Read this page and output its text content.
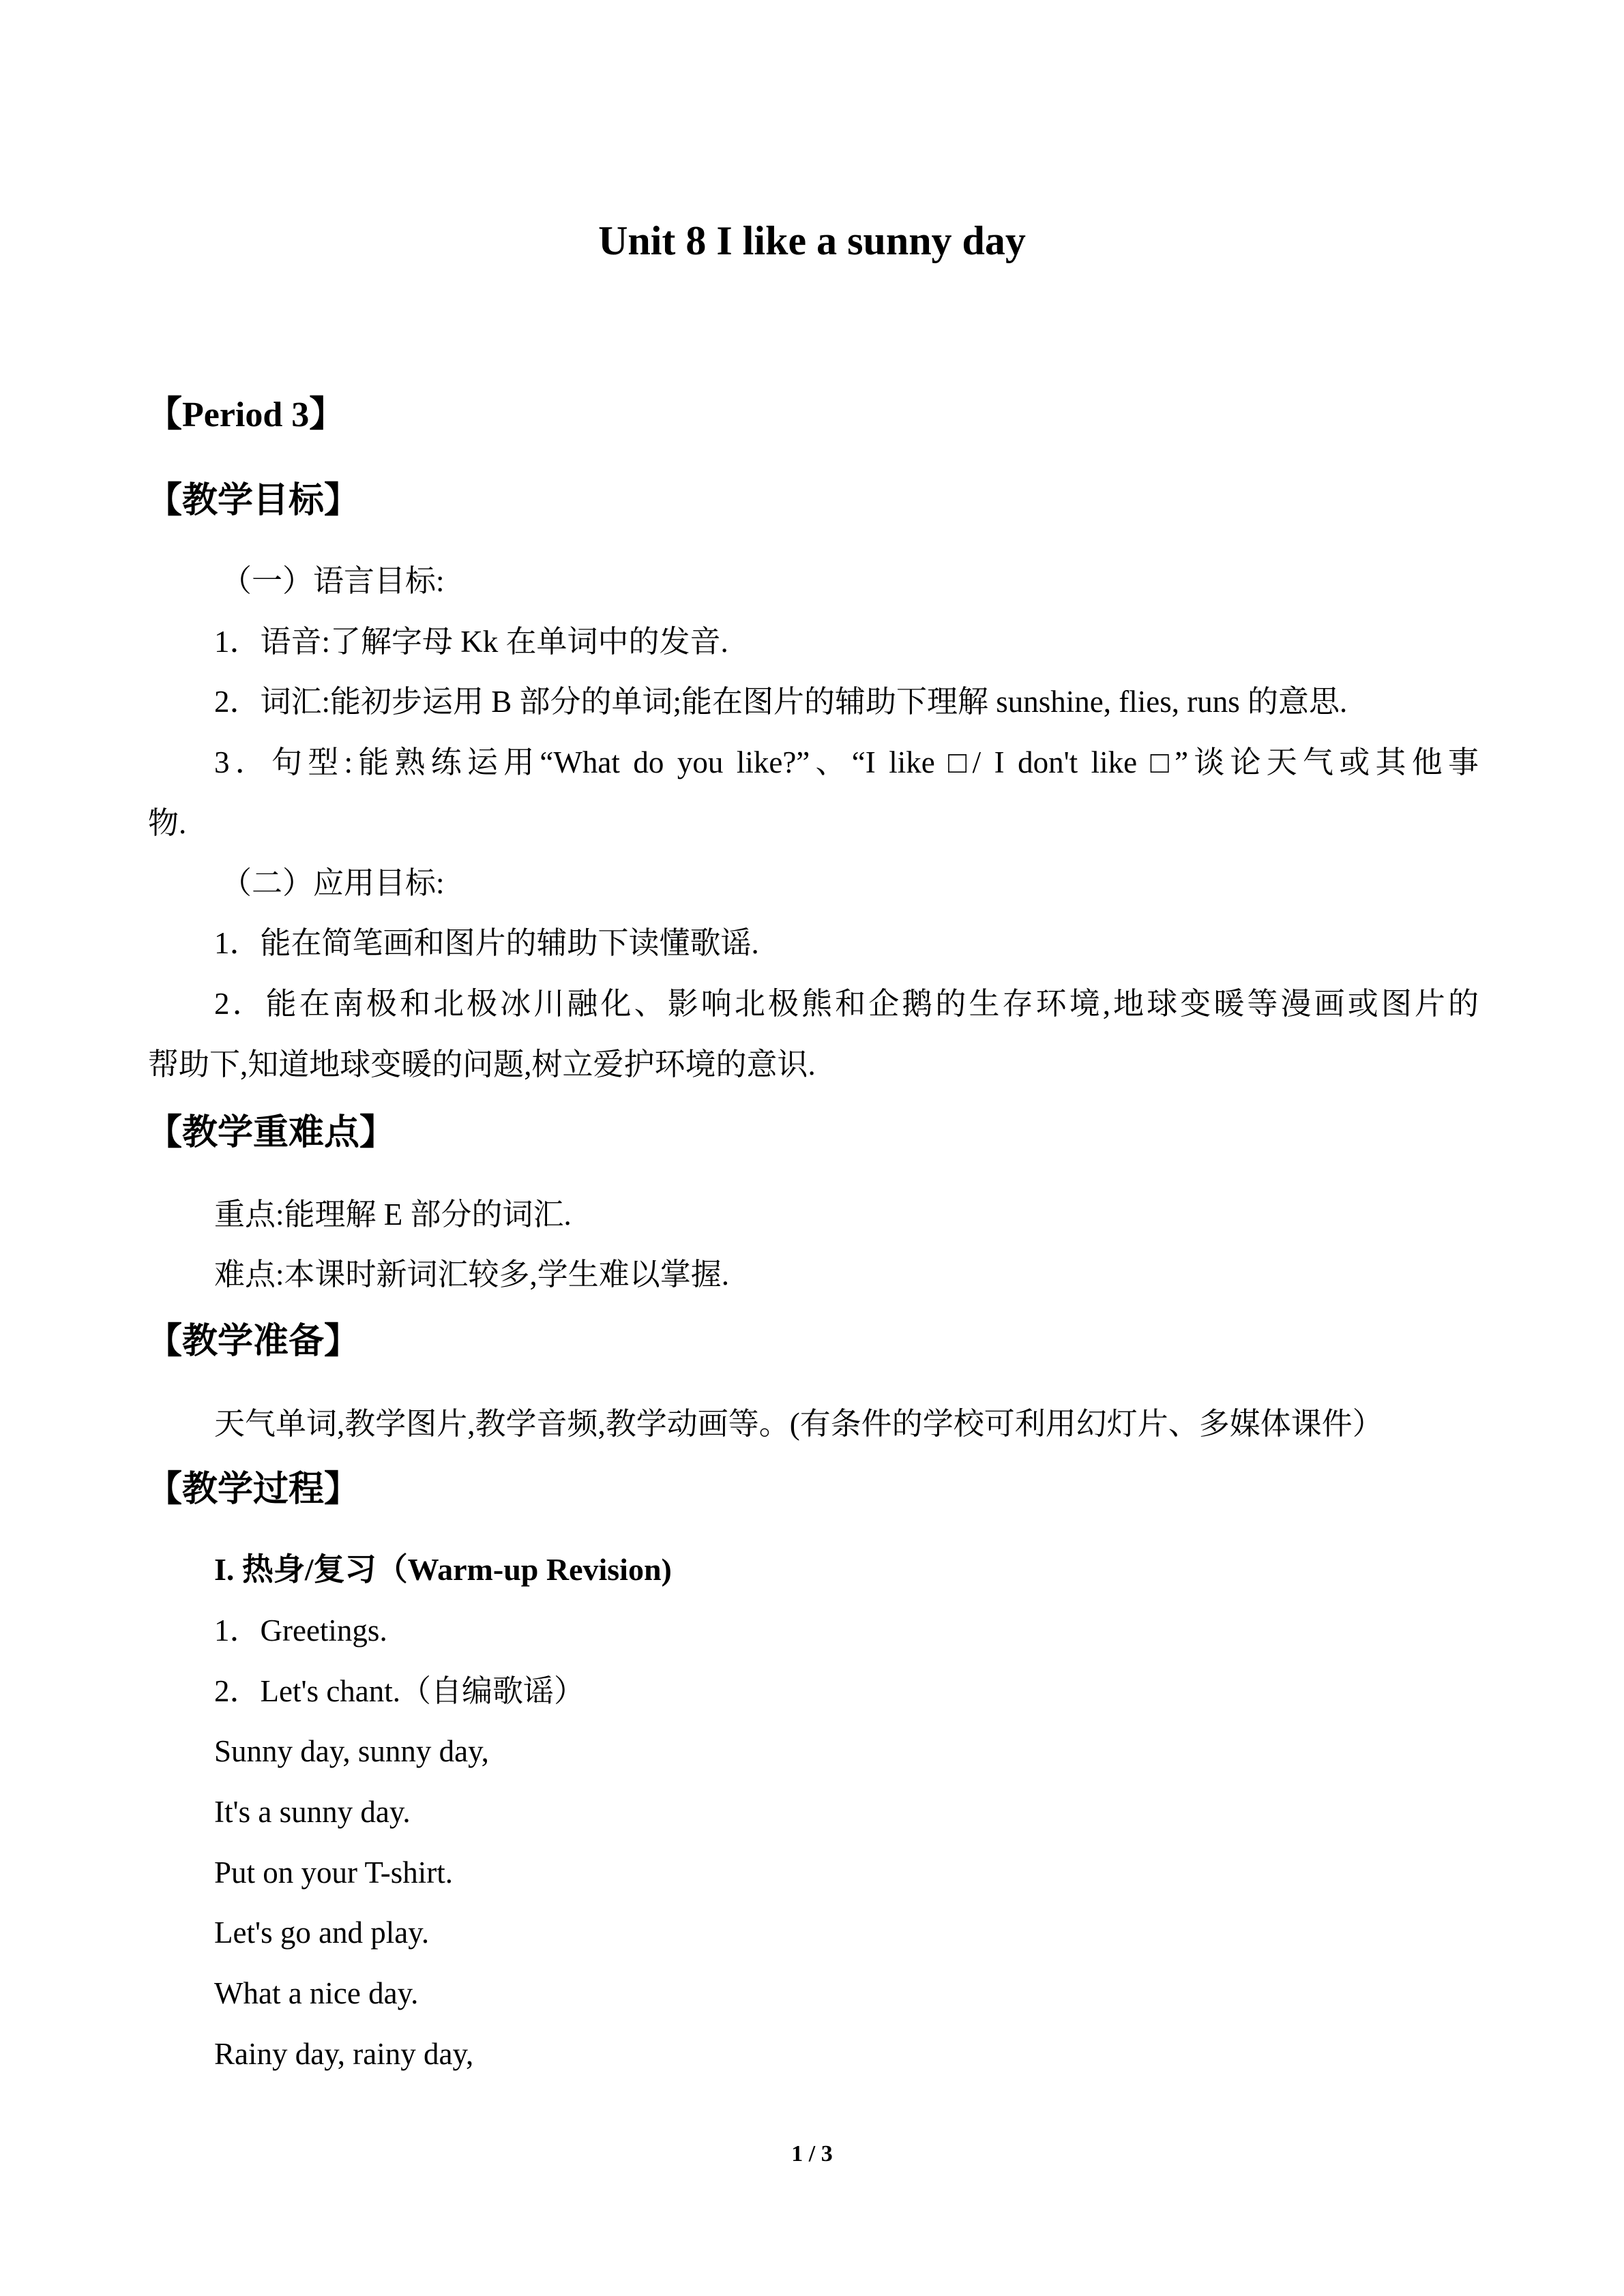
Unit 8 I like a sunny day
【Period 3】
【教学目标】
（一）语言目标:
1．语音:了解字母 Kk 在单词中的发音.
2．词汇:能初步运用 B 部分的单词;能在图片的辅助下理解 sunshine, flies, runs 的意思.
3．句型:能熟练运用“What do you like?”、“I like □/ I don't like □”谈论天气或其他事
物.
（二）应用目标:
1．能在简笔画和图片的辅助下读懂歌谣.
2．能在南极和北极冰川融化、影响北极熊和企鹅的生存环境,地球变暖等漫画或图片的
帮助下,知道地球变暖的问题,树立爱护环境的意识.
【教学重难点】
重点:能理解 E 部分的词汇.
难点:本课时新词汇较多,学生难以掌握.
【教学准备】
天气单词,教学图片,教学音频,教学动画等。(有条件的学校可利用幻灯片、多媒体课件）
【教学过程】
I. 热身/复习（Warm-up Revision)
1．Greetings.
2．Let's chant.（自编歌谣）
Sunny day, sunny day,
It's a sunny day.
Put on your T-shirt.
Let's go and play.
What a nice day.
Rainy day, rainy day,
1 / 3
